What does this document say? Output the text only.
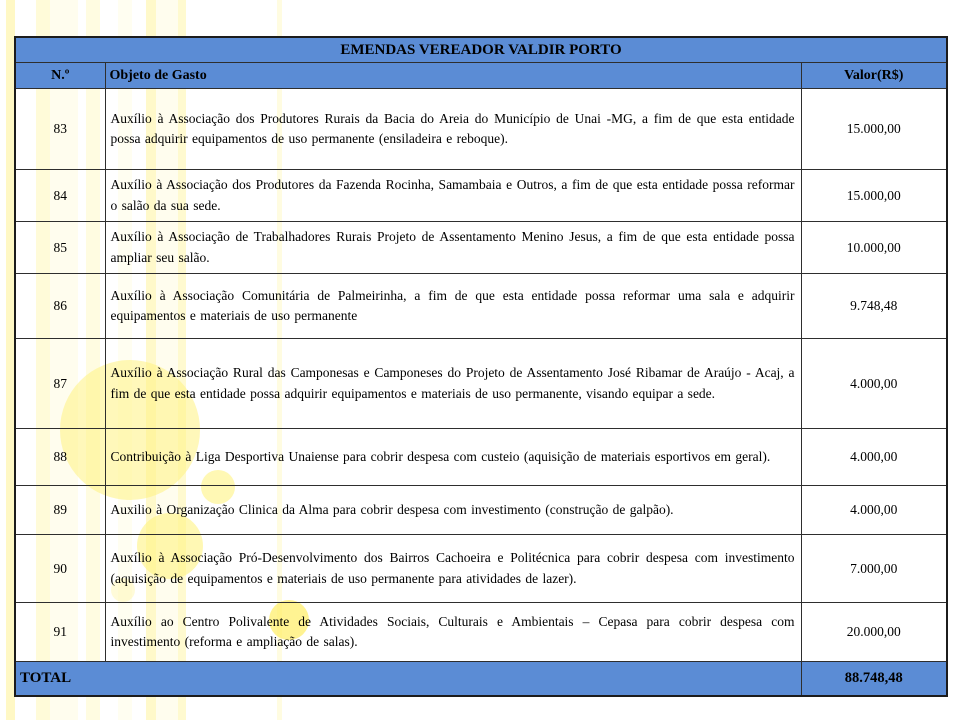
EMENDAS VEREADOR VALDIR PORTO		
N.º	Objeto de Gasto	Valor(R$)
83	Auxílio à Associação dos Produtores Rurais da Bacia do Areia do Município de Unai -MG, a fim de que esta entidade possa adquirir equipamentos de uso permanente (ensiladeira e reboque).	15.000,00
84	Auxílio à Associação dos Produtores da Fazenda Rocinha, Samambaia e Outros, a fim de que esta entidade possa reformar o salão da sua sede.	15.000,00
85	Auxílio à Associação de Trabalhadores Rurais Projeto de Assentamento Menino Jesus, a fim de que esta entidade possa ampliar seu salão.	10.000,00
86	Auxílio à Associação Comunitária de Palmeirinha, a fim de que esta entidade possa reformar uma sala e adquirir equipamentos e materiais de uso permanente	9.748,48
87	Auxílio à Associação Rural das Camponesas e Camponeses do Projeto de Assentamento José Ribamar de Araújo - Acaj, a fim de que esta entidade possa adquirir equipamentos e materiais de uso permanente, visando equipar a sede.	4.000,00
88	Contribuição à Liga Desportiva Unaiense para cobrir despesa com custeio (aquisição de materiais esportivos em geral).	4.000,00
89	Auxilio à Organização Clinica da Alma para cobrir despesa com investimento (construção de galpão).	4.000,00
90	Auxílio à Associação Pró-Desenvolvimento dos Bairros Cachoeira e Politécnica para cobrir despesa com investimento (aquisição de equipamentos e materiais de uso permanente para atividades de lazer).	7.000,00
91	Auxílio ao Centro Polivalente de Atividades Sociais, Culturais e Ambientais – Cepasa para cobrir despesa com investimento (reforma e ampliação de salas).	20.000,00
TOTAL		88.748,48
